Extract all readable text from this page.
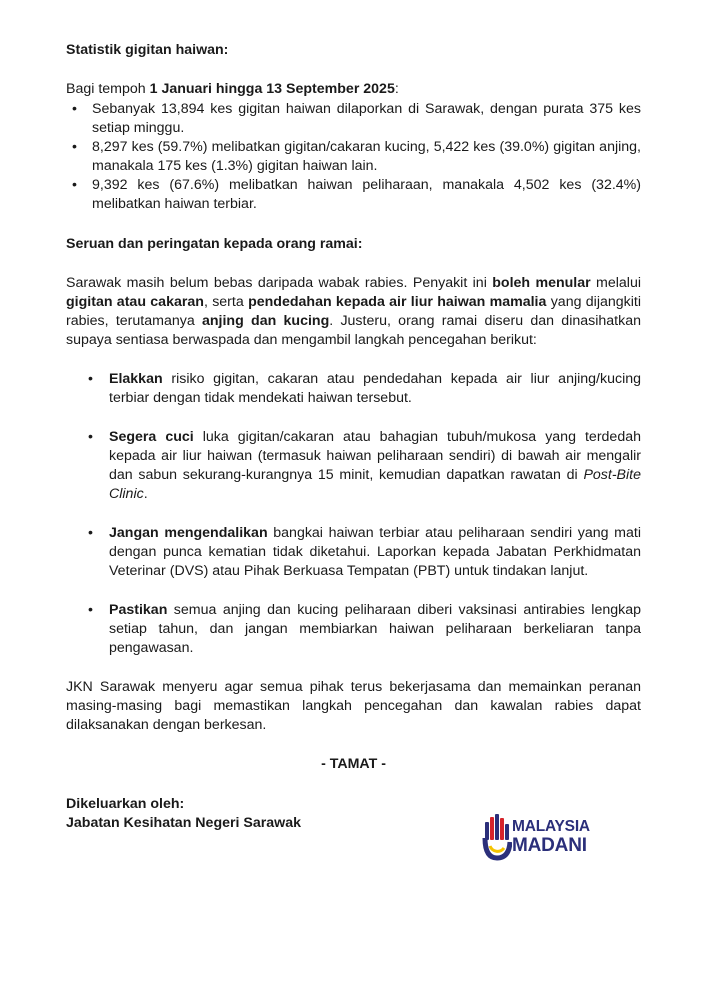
Statistik gigitan haiwan:

Bagi tempoh 1 Januari hingga 13 September 2025:

• Sebanyak 13,894 kes gigitan haiwan dilaporkan di Sarawak, dengan purata 375 kes setiap minggu.
• 8,297 kes (59.7%) melibatkan gigitan/cakaran kucing, 5,422 kes (39.0%) gigitan anjing, manakala 175 kes (1.3%) gigitan haiwan lain.
• 9,392 kes (67.6%) melibatkan haiwan peliharaan, manakala 4,502 kes (32.4%) melibatkan haiwan terbiar.

Seruan dan peringatan kepada orang ramai:

Sarawak masih belum bebas daripada wabak rabies. Penyakit ini boleh menular melalui gigitan atau cakaran, serta pendedahan kepada air liur haiwan mamalia yang dijangkiti rabies, terutamanya anjing dan kucing. Justeru, orang ramai diseru dan dinasihatkan supaya sentiasa berwaspada dan mengambil langkah pencegahan berikut:

• Elakkan risiko gigitan, cakaran atau pendedahan kepada air liur anjing/kucing terbiar dengan tidak mendekati haiwan tersebut.
• Segera cuci luka gigitan/cakaran atau bahagian tubuh/mukosa yang terdedah kepada air liur haiwan (termasuk haiwan peliharaan sendiri) di bawah air mengalir dan sabun sekurang-kurangnya 15 minit, kemudian dapatkan rawatan di Post-Bite Clinic.
• Jangan mengendalikan bangkai haiwan terbiar atau peliharaan sendiri yang mati dengan punca kematian tidak diketahui. Laporkan kepada Jabatan Perkhidmatan Veterinar (DVS) atau Pihak Berkuasa Tempatan (PBT) untuk tindakan lanjut.
• Pastikan semua anjing dan kucing peliharaan diberi vaksinasi antirabies lengkap setiap tahun, dan jangan membiarkan haiwan peliharaan berkeliaran tanpa pengawasan.

JKN Sarawak menyeru agar semua pihak terus bekerjasama dan memainkan peranan masing-masing bagi memastikan langkah pencegahan dan kawalan rabies dapat dilaksanakan dengan berkesan.

- TAMAT -

Dikeluarkan oleh:

Jabatan Kesihatan Negeri Sarawak	MALAYSIA
MADANI
